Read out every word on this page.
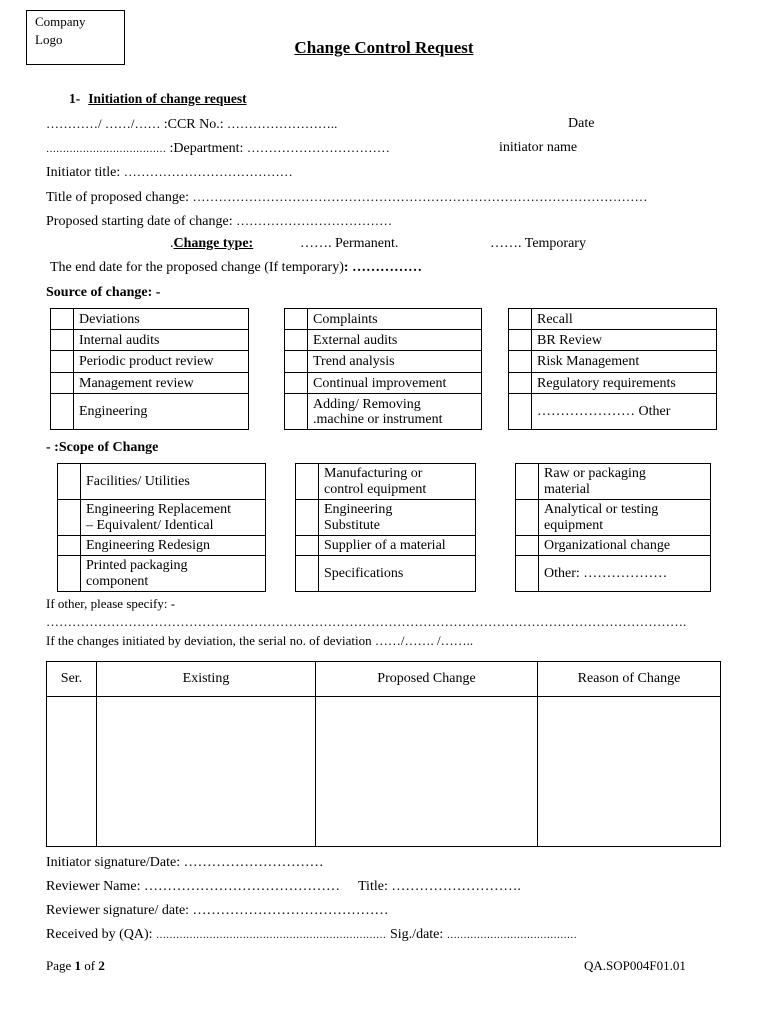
Company
Logo	Change Control Request
1- Initiation of change request
…………/ ……/…… :CCR No.: ……………………..	Date
……………………………… :Department: ……………………………	initiator name
Initiator title: …………………………………
Title of proposed change: ……………………………………………………………………………………………
Proposed starting date of change: ………………………………
.Change type:	……. Permanent.	……. Temporary
The end date for the proposed change (If temporary): ……………
Source of change: -
	Deviations
	Internal audits
	Periodic product review
	Management review
	Engineering
	Complaints
	External audits
	Trend analysis
	Continual improvement

	Adding/ Removing
.machine or instrument
	Recall
	BR Review
	Risk Management
	Regulatory requirements
	………………… Other
- :Scope of Change
	Facilities/ Utilities

	Engineering Replacement
– Equivalent/ Identical

	Engineering Redesign

	Printed packaging
component

	Manufacturing or
control equipment

	Engineering
Substitute

	Supplier of a material
	Specifications

	Raw or packaging
material

	Analytical or testing
equipment

	Organizational change
	Other: ………………
If other, please specify: -
………………………………………………………………………………………………………………………………….
If the changes initiated by deviation, the serial no. of deviation ……/……. /……..
Ser.	Existing	Proposed Change	Reason of Change

Initiator signature/Date: …………………………
Reviewer Name: …………………………………… Title: ……………………….
Reviewer signature/ date: ……………………………………
Received by (QA): …………………………………………………………… Sig./date: …………………………………
Page 1 of 2	QA.SOP004F01.01
